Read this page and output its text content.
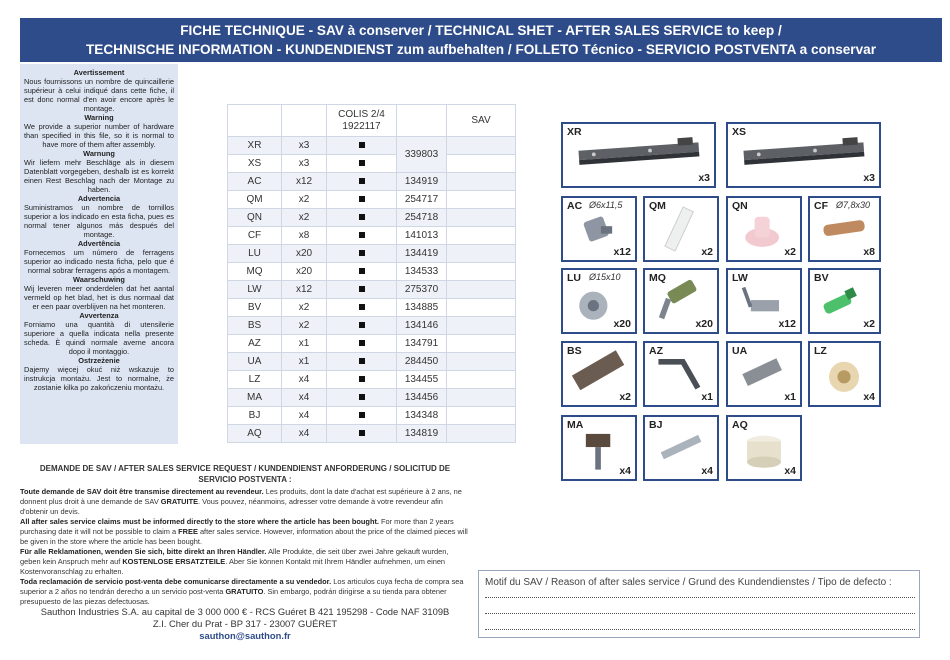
FICHE TECHNIQUE - SAV à conserver / TECHNICAL SHET - AFTER SALES SERVICE to keep /
TECHNISCHE INFORMATION - KUNDENDIENST zum aufbehalten / FOLLETO Técnico - SERVICIO POSTVENTA a conservar
Avertissement
Nous fournissons un nombre de quincaillerie supérieur à celui indiqué dans cette fiche, il est donc normal d'en avoir encore après le montage.
Warning
We provide a superior number of hardware than specified in this file, so it is normal to have more of them after assembly.
Warnung
Wir liefern mehr Beschläge als in diesem Datenblatt vorgegeben, deshalb ist es korrekt einen Rest Beschlag nach der Montage zu haben.
Advertencia
Suministramos un nombre de tornillos superior a los indicado en esta ficha, pues es normal tener algunos más después del montage.
Advertência
Fornecemos um número de ferragens superior ao indicado nesta ficha, pelo que é normal sobrar ferragens após a montagem.
Waarschuwing
Wij leveren meer onderdelen dat het aantal vermeld op het blad, het is dus normaal dat er een paar overblijven na het monteren.
Avvertenza
Forniamo una quantità di utensilerie superiore a quella indicata nella presente scheda. È quindi normale averne ancora dopo il montaggio.
Ostrzeżenie
Dajemy więcej okuć niż wskazuje to instrukcja montażu. Jest to normalne, że zostanie kilka po zakończeniu montażu.
		COLIS 2/4
1922117		SAV
XR	x3		339803	
XS	x3			
AC	x12		134919	
QM	x2		254717	
QN	x2		254718	
CF	x8		141013	
LU	x20		134419	
MQ	x20		134533	
LW	x12		275370	
BV	x2		134885	
BS	x2		134146	
AZ	x1		134791	
UA	x1		284450	
LZ	x4		134455	
MA	x4		134456	
BJ	x4		134348	
AQ	x4		134819	
DEMANDE DE SAV / AFTER SALES SERVICE REQUEST / KUNDENDIENST ANFORDERUNG / SOLICITUD DE SERVICIO POSTVENTA :

Toute demande de SAV doit être transmise directement au revendeur. Les produits, dont la date d'achat est supérieure à 2 ans, ne donnent plus droit à une demande de SAV GRATUITE. Vous pouvez, néanmoins, adresser votre demande à votre revendeur afin d'obtenir un devis.

All after sales service claims must be informed directly to the store where the article has been bought. For more than 2 years purchasing date it will not be possible to claim a FREE after sales service. However, information about the price of the claimed pieces will be given in the store where the article has been bought.

Für alle Reklamationen, wenden Sie sich, bitte direkt an Ihren Händler. Alle Produkte, die seit über zwei Jahre gekauft wurden, geben kein Anspruch mehr auf KOSTENLOSE ERSATZTEILE. Aber Sie können Kontakt mit Ihrem Händler aufnehmen, um einen Kostenvoranschlag zu erhalten.

Toda reclamación de servicio post-venta debe comunicarse directamente a su vendedor. Los articulos cuya fecha de compra sea superior a 2 años no tendrán derecho a un servicio post-venta GRATUITO. Sin embargo, podrán dirigirse a su tienda para obtener presupuesto de las piezas defectuosas.

Sauthon Industries S.A. au capital de 3 000 000 € - RCS Guéret B 421 195298 - Code NAF 3109B
Z.I. Cher du Prat - BP 317 - 23007 GUÉRET
sauthon@sauthon.fr
XR
x3
XS
x3
AC Ø6x11,5
x12
QM
x2
QN
x2
CF Ø7,8x30
x8
LU Ø15x10
x20
MQ
x20
LW
x12
BV
x2
BS
x2
AZ
x1
UA
x1
LZ
x4
MA
x4
BJ
x4
AQ
x4
Motif du SAV / Reason of after sales service / Grund des Kundendienstes / Tipo de defecto :
